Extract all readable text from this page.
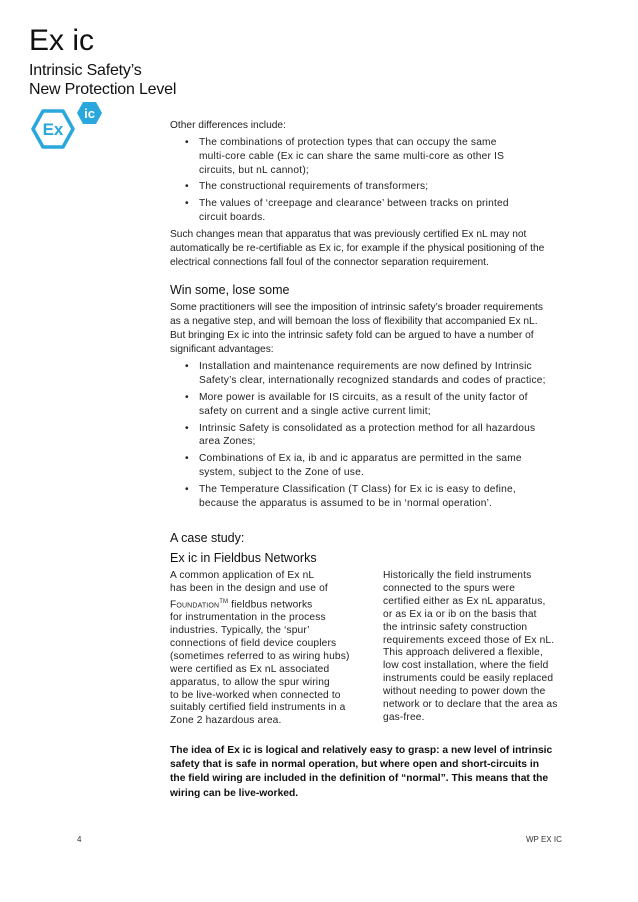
Ex ic
Intrinsic Safety’s
New Protection Level
Ex
ic

Other differences include:

• The combinations of protection types that can occupy the same
multi-core cable (Ex ic can share the same multi-core as other IS
circuits, but nL cannot);
• The constructional requirements of transformers;
• The values of ‘creepage and clearance’ between tracks on printed
circuit boards.
Such changes mean that apparatus that was previously certified Ex nL may not
automatically be re-certifiable as Ex ic, for example if the physical positioning of the
electrical connections fall foul of the connector separation requirement.
Win some, lose some
Some practitioners will see the imposition of intrinsic safety’s broader requirements
as a negative step, and will bemoan the loss of flexibility that accompanied Ex nL.
But bringing Ex ic into the intrinsic safety fold can be argued to have a number of
significant advantages:
• Installation and maintenance requirements are now defined by Intrinsic
Safety’s clear, internationally recognized standards and codes of practice;
• More power is available for IS circuits, as a result of the unity factor of
safety on current and a single active current limit;
• Intrinsic Safety is consolidated as a protection method for all hazardous
area Zones;
• Combinations of Ex ia, ib and ic apparatus are permitted in the same
system, subject to the Zone of use.
• The Temperature Classification (T Class) for Ex ic is easy to define,
because the apparatus is assumed to be in ‘normal operation’.
A case study:
Ex ic in Fieldbus Networks
A common application of Ex nL
has been in the design and use of
Foundation™ fieldbus networks
for instrumentation in the process
industries. Typically, the ‘spur’
connections of field device couplers
(sometimes referred to as wiring hubs)
were certified as Ex nL associated
apparatus, to allow the spur wiring
to be live-worked when connected to
suitably certified field instruments in a
Zone 2 hazardous area.
Historically the field instruments
connected to the spurs were
certified either as Ex nL apparatus,
or as Ex ia or ib on the basis that
the intrinsic safety construction
requirements exceed those of Ex nL.
This approach delivered a flexible,
low cost installation, where the field
instruments could be easily replaced
without needing to power down the
network or to declare that the area as
gas-free.
The idea of Ex ic is logical and relatively easy to grasp: a new level of intrinsic
safety that is safe in normal operation, but where open and short-circuits in
the field wiring are included in the definition of “normal”. This means that the
wiring can be live-worked.
4	WP EX IC
